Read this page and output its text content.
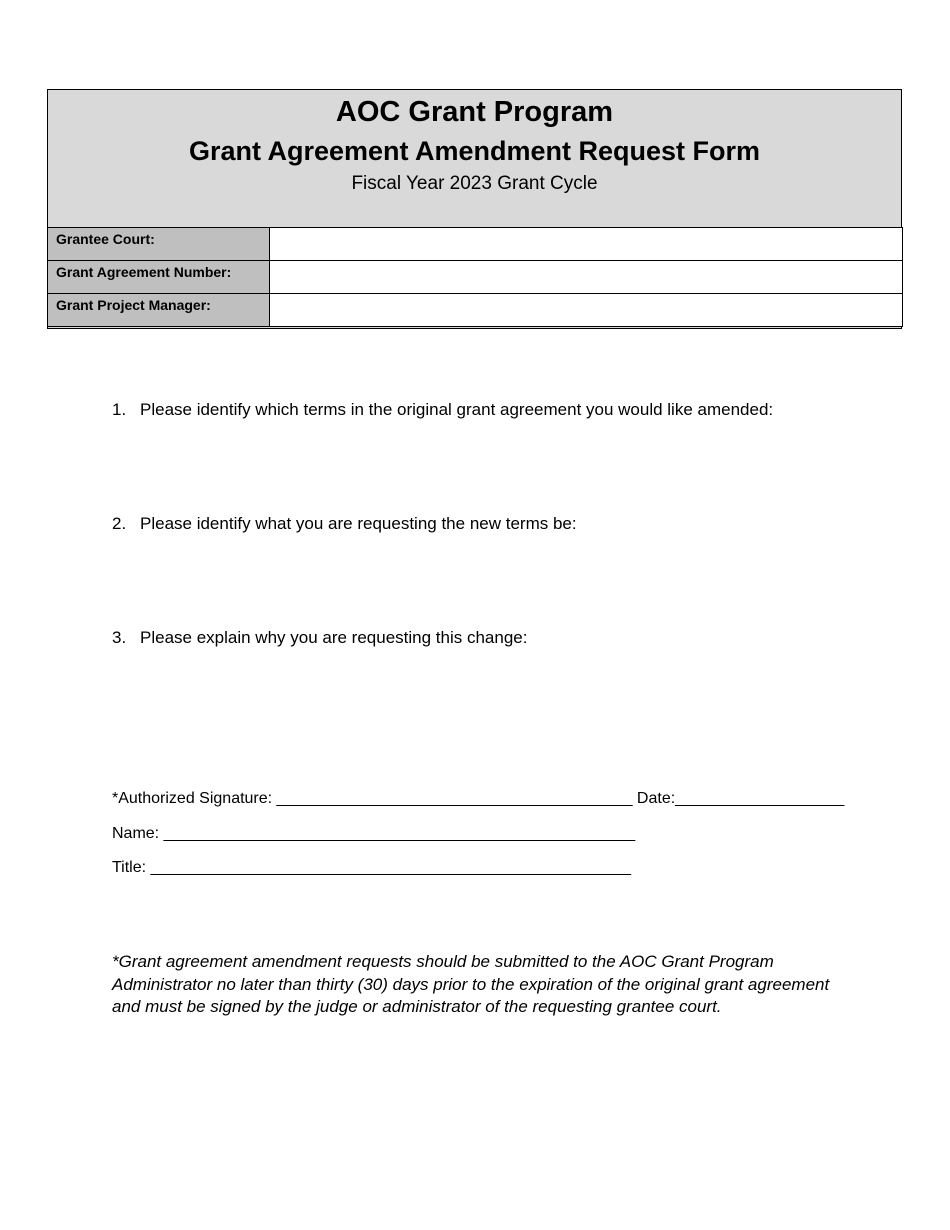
AOC Grant Program
Grant Agreement Amendment Request Form
Fiscal Year 2023 Grant Cycle
Grantee Court:	
Grant Agreement Number:	
Grant Project Manager:	
1. Please identify which terms in the original grant agreement you would like amended:
2. Please identify what you are requesting the new terms be:
3. Please explain why you are requesting this change:
*Authorized Signature: ________________________________________ Date:___________________
Name: _____________________________________________________
Title: ______________________________________________________
*Grant agreement amendment requests should be submitted to the AOC Grant Program Administrator no later than thirty (30) days prior to the expiration of the original grant agreement and must be signed by the judge or administrator of the requesting grantee court.
